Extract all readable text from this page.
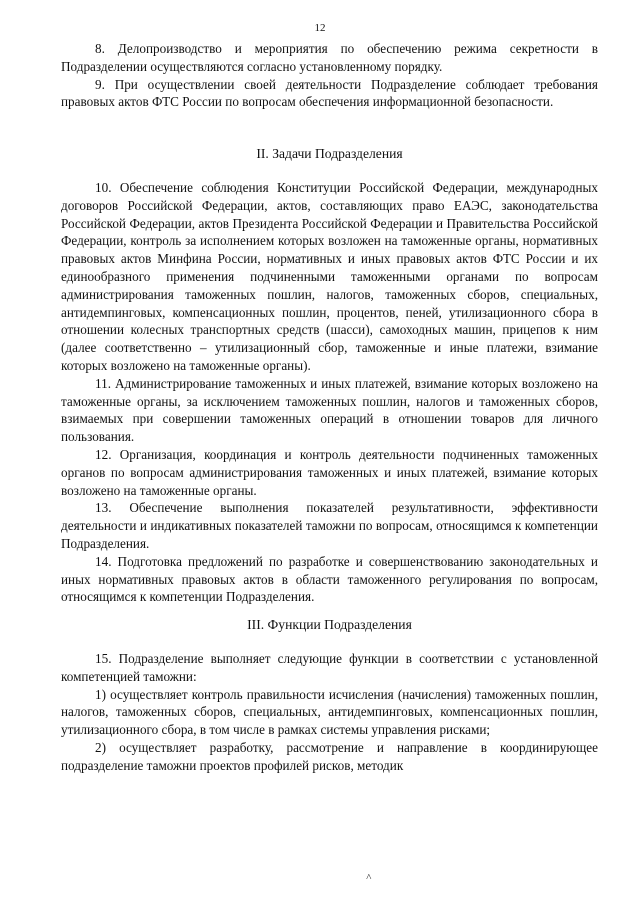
12

8. Делопроизводство и мероприятия по обеспечению режима секретности в Подразделении осуществляются согласно установленному порядку.

9. При осуществлении своей деятельности Подразделение соблюдает требования правовых актов ФТС России по вопросам обеспечения информационной безопасности.

II. Задачи Подразделения

10. Обеспечение соблюдения Конституции Российской Федерации, международных договоров Российской Федерации, актов, составляющих право ЕАЭС, законодательства Российской Федерации, актов Президента Российской Федерации и Правительства Российской Федерации, контроль за исполнением которых возложен на таможенные органы, нормативных правовых актов Минфина России, нормативных и иных правовых актов ФТС России и их единообразного применения подчиненными таможенными органами по вопросам администрирования таможенных пошлин, налогов, таможенных сборов, специальных, антидемпинговых, компенсационных пошлин, процентов, пеней, утилизационного сбора в отношении колесных транспортных средств (шасси), самоходных машин, прицепов к ним (далее соответственно – утилизационный сбор, таможенные и иные платежи, взимание которых возложено на таможенные органы).

11. Администрирование таможенных и иных платежей, взимание которых возложено на таможенные органы, за исключением таможенных пошлин, налогов и таможенных сборов, взимаемых при совершении таможенных операций в отношении товаров для личного пользования.

12. Организация, координация и контроль деятельности подчиненных таможенных органов по вопросам администрирования таможенных и иных платежей, взимание которых возложено на таможенные органы.

13. Обеспечение выполнения показателей результативности, эффективности деятельности и индикативных показателей таможни по вопросам, относящимся к компетенции Подразделения.

14. Подготовка предложений по разработке и совершенствованию законодательных и иных нормативных правовых актов в области таможенного регулирования по вопросам, относящимся к компетенции Подразделения.

III. Функции Подразделения

15. Подразделение выполняет следующие функции в соответствии с установленной компетенцией таможни:

1) осуществляет контроль правильности исчисления (начисления) таможенных пошлин, налогов, таможенных сборов, специальных, антидемпинговых, компенсационных пошлин, утилизационного сбора, в том числе в рамках системы управления рисками;

2) осуществляет разработку, рассмотрение и направление в координирующее подразделение таможни проектов профилей рисков, методик

˄
